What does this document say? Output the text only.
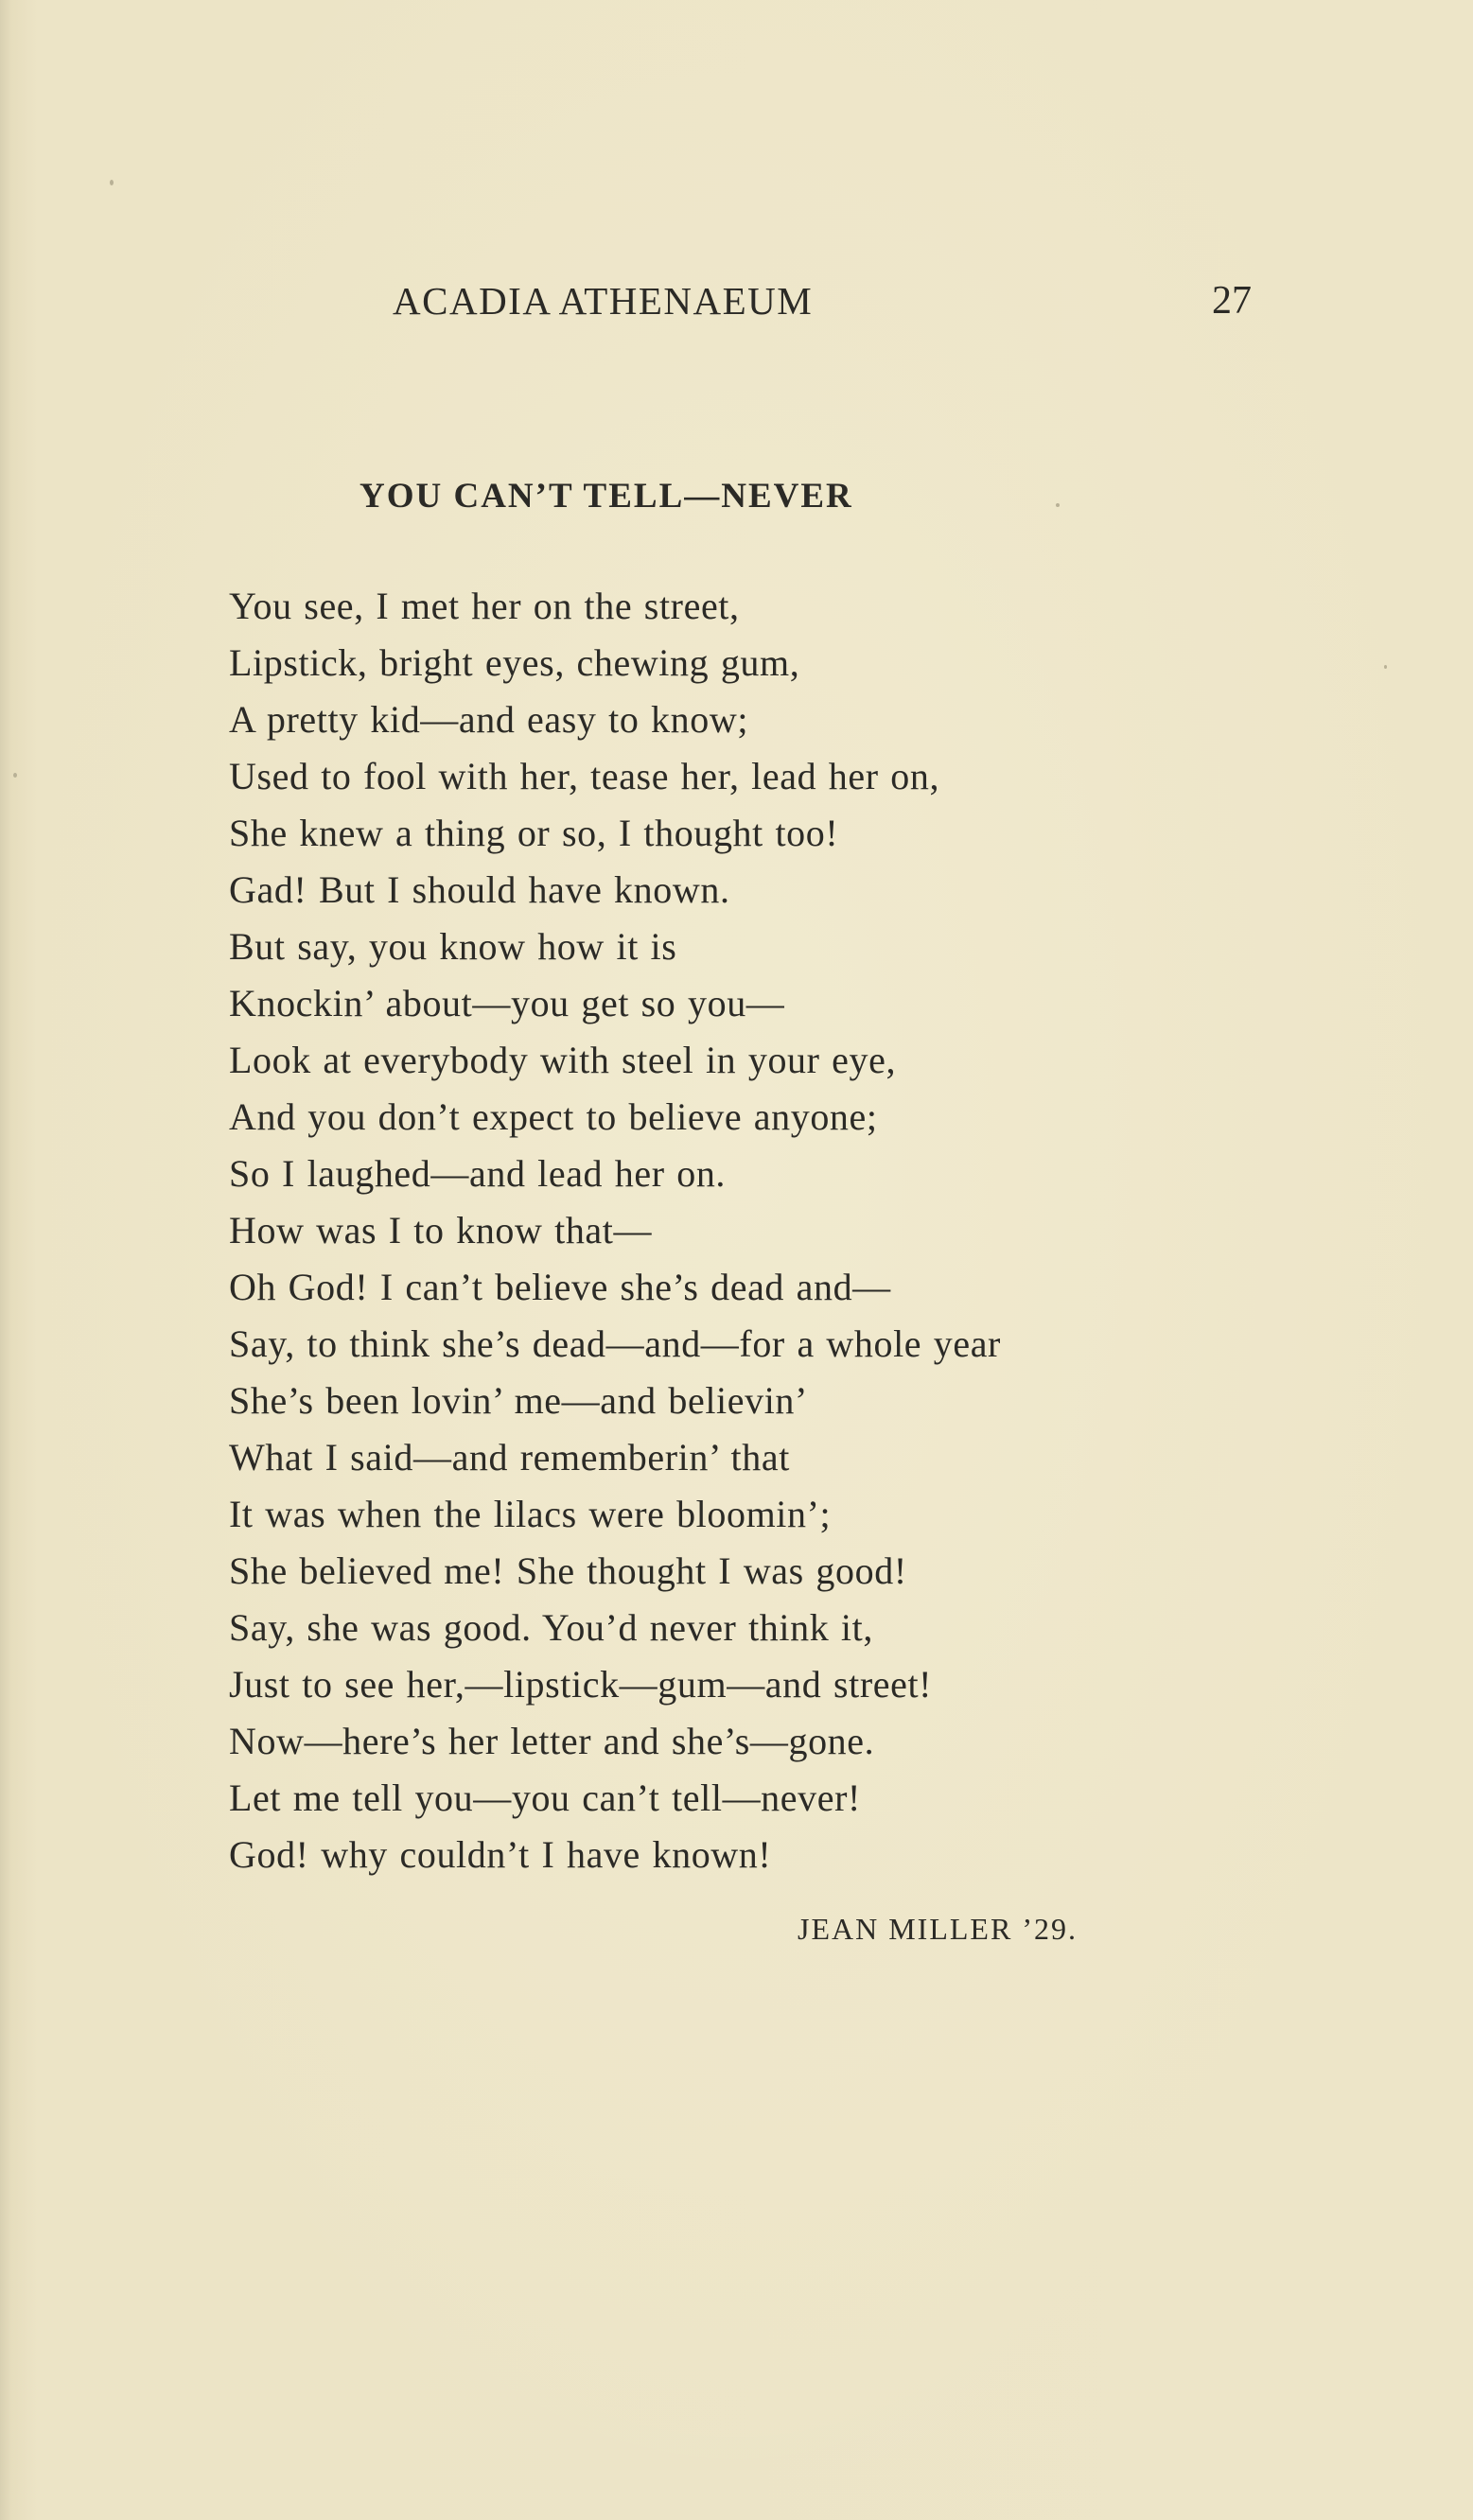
ACADIA ATHENAEUM	27
YOU CAN’T TELL—NEVER
You see, I met her on the street,
Lipstick, bright eyes, chewing gum,
A pretty kid—and easy to know;
Used to fool with her, tease her, lead her on,
She knew a thing or so, I thought too!
Gad! But I should have known.
But say, you know how it is
Knockin’ about—you get so you—
Look at everybody with steel in your eye,
And you don’t expect to believe anyone;
So I laughed—and lead her on.
How was I to know that—
Oh God! I can’t believe she’s dead and—
Say, to think she’s dead—and—for a whole year
She’s been lovin’ me—and believin’
What I said—and rememberin’ that
It was when the lilacs were bloomin’;
She believed me! She thought I was good!
Say, she was good. You’d never think it,
Just to see her,—lipstick—gum—and street!
Now—here’s her letter and she’s—gone.
Let me tell you—you can’t tell—never!
God! why couldn’t I have known!
JEAN MILLER ’29.
